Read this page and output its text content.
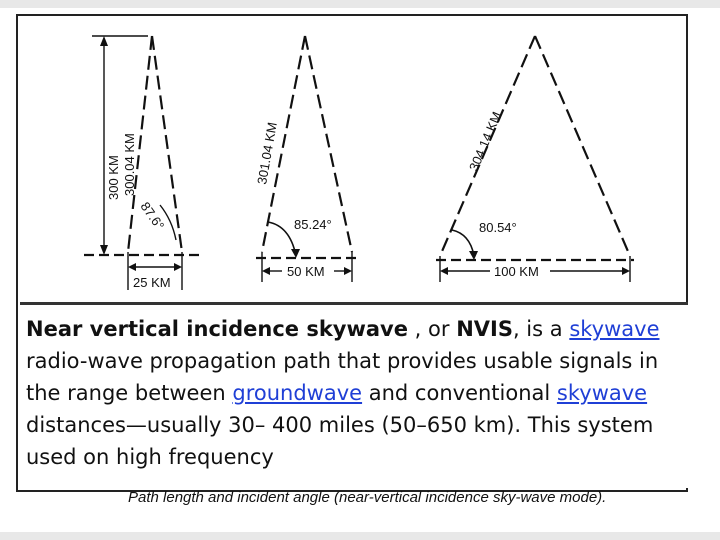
300 KM 300.04 KM
87.6°
25 KM
301.04 KM
85.24°
50 KM
304.14 KM
80.54°
100 KM
Near vertical incidence skywave , or NVIS, is a skywave radio-wave propagation path that provides usable signals in the range between groundwave and conventional skywave distances—usually 30– 400 miles (50–650 km). This system used on high frequency
Path length and incident angle (near-vertical incidence sky-wave mode).
